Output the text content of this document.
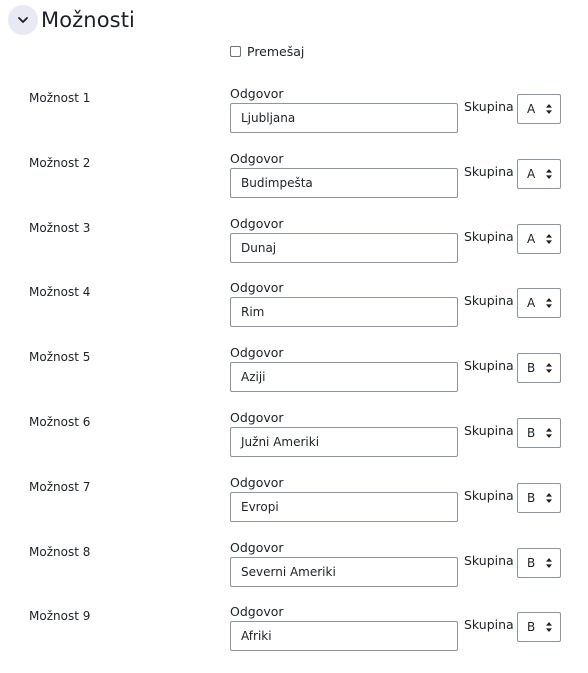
Možnosti
Premešaj
Možnost 1	Odgovor
Ljubljana
Skupina	A
Možnost 2	Odgovor
Budimpešta
Skupina	A
Možnost 3	Odgovor
Dunaj
Skupina	A
Možnost 4	Odgovor
Rim
Skupina	A
Možnost 5	Odgovor
Aziji
Skupina	B
Možnost 6	Odgovor
Južni Ameriki
Skupina	B
Možnost 7	Odgovor
Evropi
Skupina	B
Možnost 8	Odgovor
Severni Ameriki
Skupina	B
Možnost 9	Odgovor
Afriki
Skupina	B
